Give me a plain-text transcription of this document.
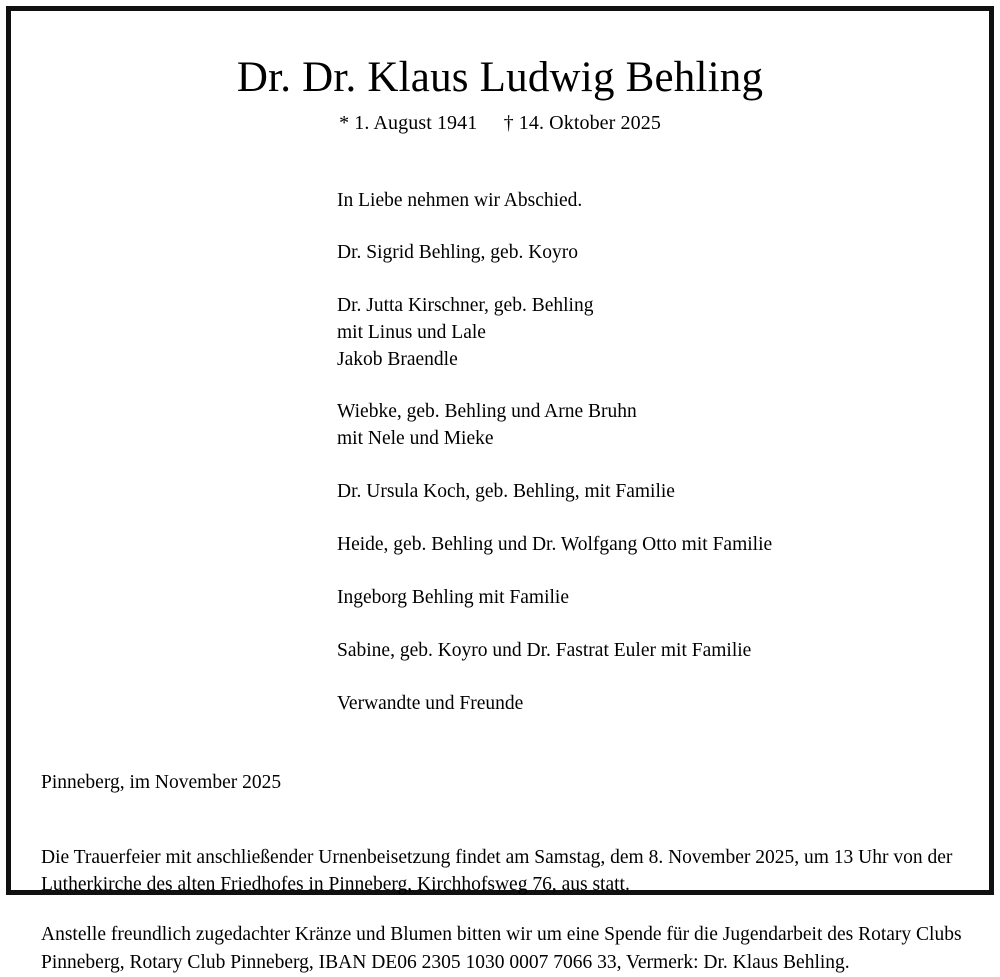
Dr. Dr. Klaus Ludwig Behling
* 1. August 1941 † 14. Oktober 2025
In Liebe nehmen wir Abschied.
Dr. Sigrid Behling, geb. Koyro
Dr. Jutta Kirschner, geb. Behling
mit Linus und Lale
Jakob Braendle
Wiebke, geb. Behling und Arne Bruhn
mit Nele und Mieke
Dr. Ursula Koch, geb. Behling, mit Familie
Heide, geb. Behling und Dr. Wolfgang Otto mit Familie
Ingeborg Behling mit Familie
Sabine, geb. Koyro und Dr. Fastrat Euler mit Familie
Verwandte und Freunde
Pinneberg, im November 2025

Die Trauerfeier mit anschließender Urnenbeisetzung findet am Samstag, dem 8. November 2025, um 13 Uhr von der Lutherkirche des alten Friedhofes in Pinneberg, Kirchhofsweg 76, aus statt.

Anstelle freundlich zugedachter Kränze und Blumen bitten wir um eine Spende für die Jugendarbeit des Rotary Clubs Pinneberg, Rotary Club Pinneberg, IBAN DE06 2305 1030 0007 7066 33, Vermerk: Dr. Klaus Behling.
